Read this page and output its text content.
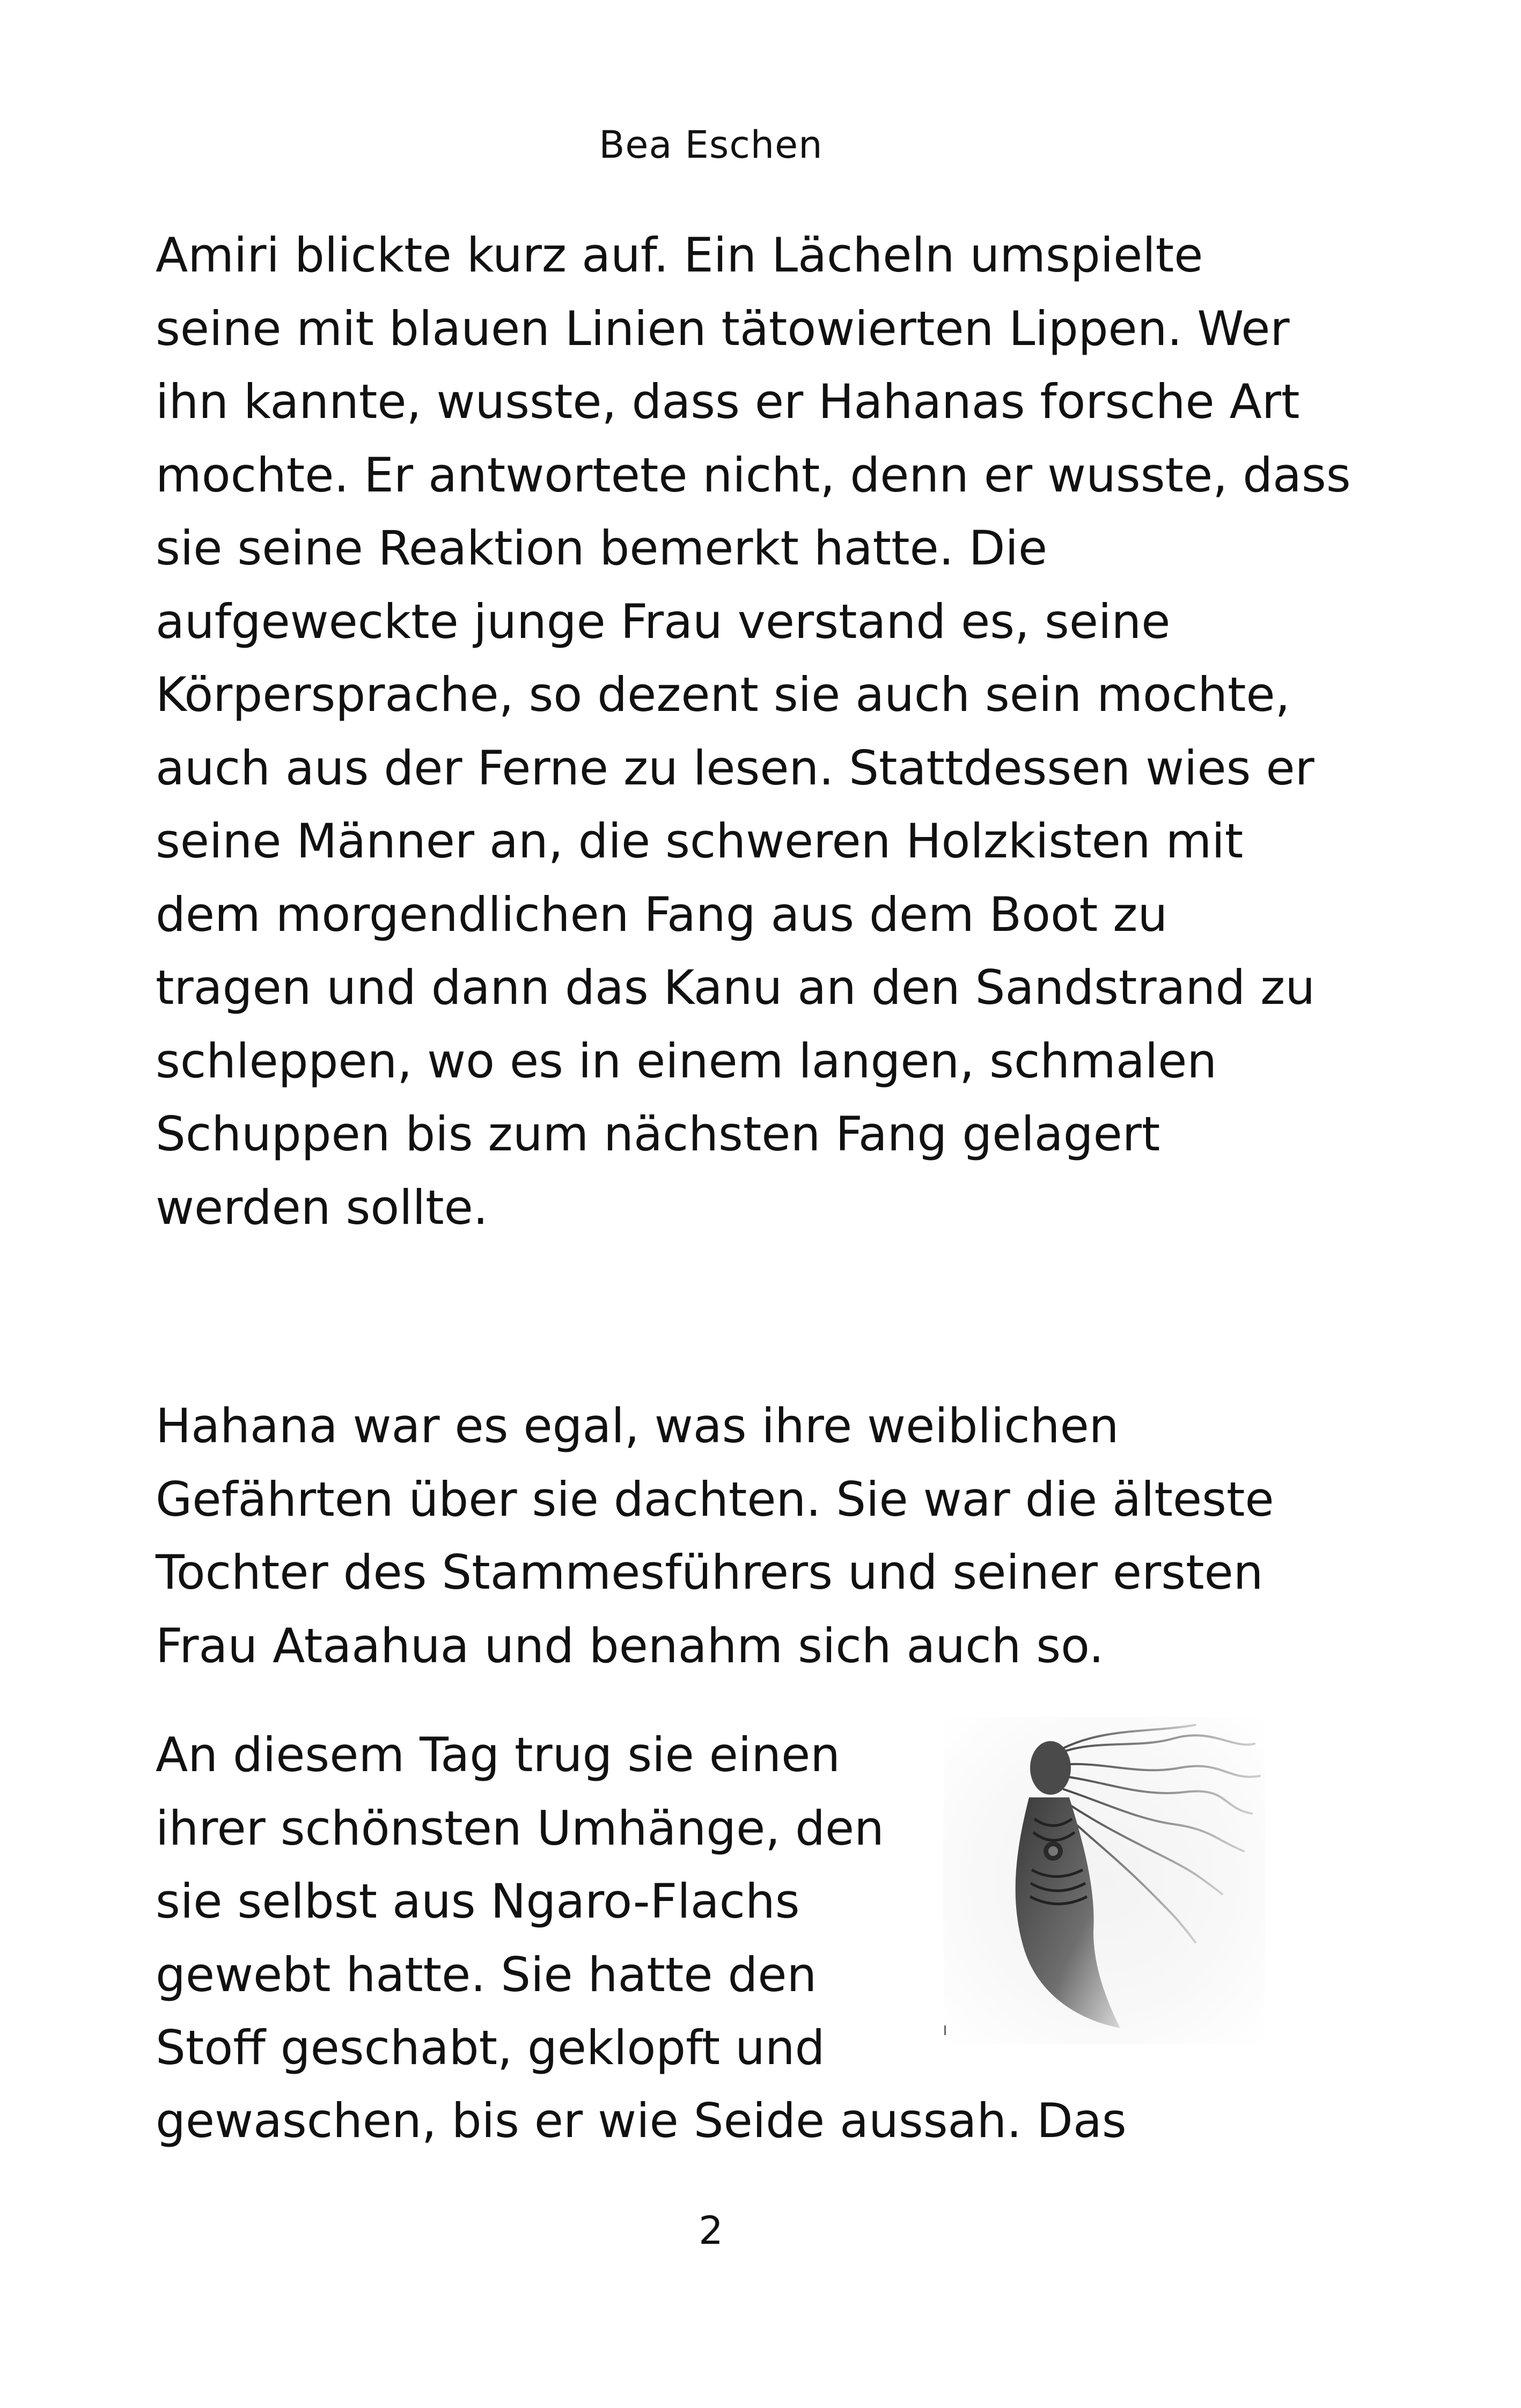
Bea Eschen

Amiri blickte kurz auf. Ein Lächeln umspielte
seine mit blauen Linien tätowierten Lippen. Wer
ihn kannte, wusste, dass er Hahanas forsche Art
mochte. Er antwortete nicht, denn er wusste, dass
sie seine Reaktion bemerkt hatte. Die
aufgeweckte junge Frau verstand es, seine
Körpersprache, so dezent sie auch sein mochte,
auch aus der Ferne zu lesen. Stattdessen wies er
seine Männer an, die schweren Holzkisten mit
dem morgendlichen Fang aus dem Boot zu
tragen und dann das Kanu an den Sandstrand zu
schleppen, wo es in einem langen, schmalen
Schuppen bis zum nächsten Fang gelagert
werden sollte.

Hahana war es egal, was ihre weiblichen
Gefährten über sie dachten. Sie war die älteste
Tochter des Stammesführers und seiner ersten
Frau Ataahua und benahm sich auch so.

An diesem Tag trug sie einen
ihrer schönsten Umhänge, den
sie selbst aus Ngaro-Flachs
gewebt hatte. Sie hatte den
Stoff geschabt, geklopft und

gewaschen, bis er wie Seide aussah. Das

2
